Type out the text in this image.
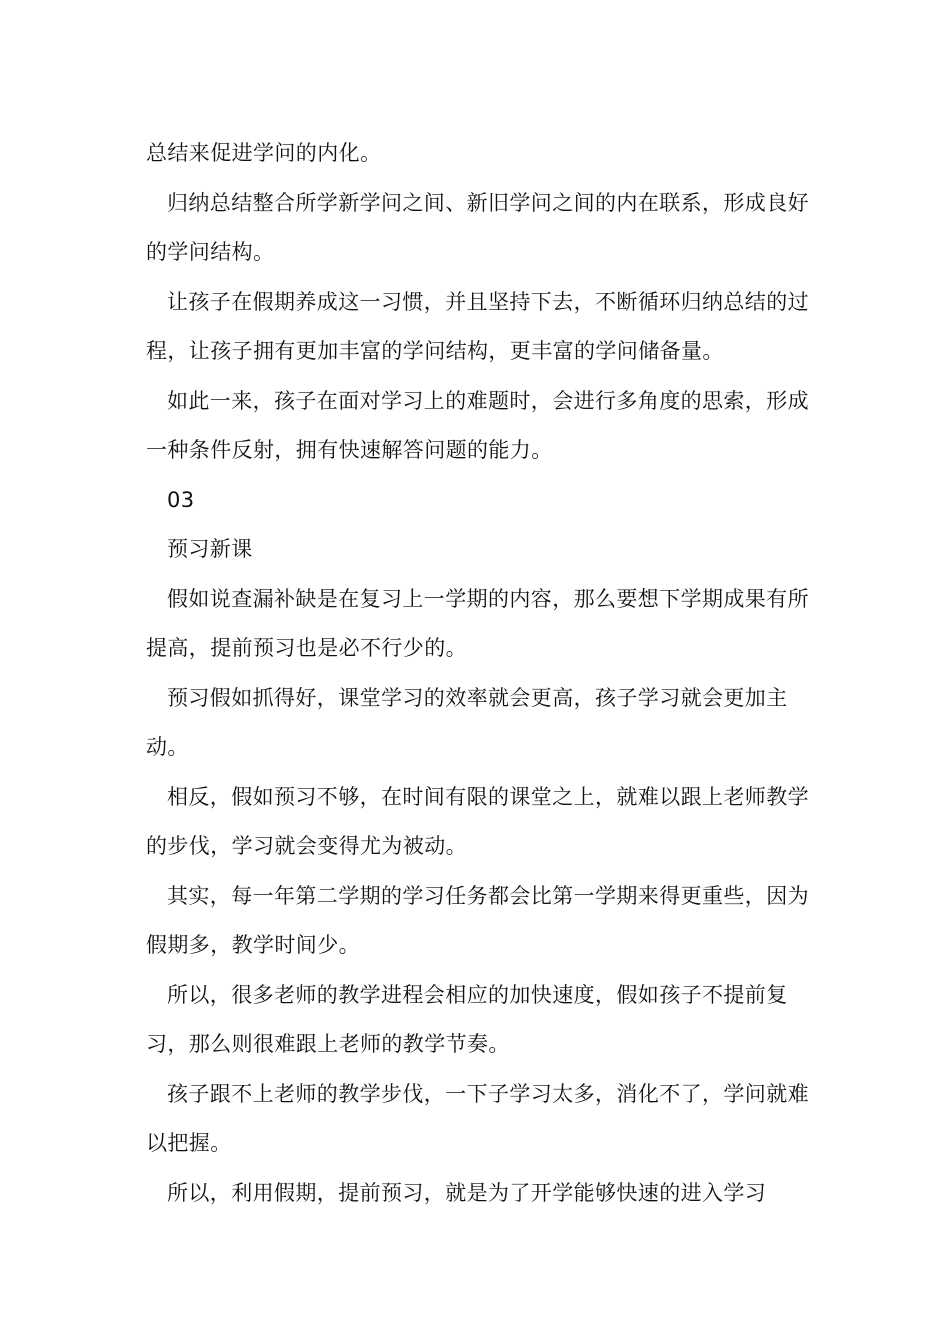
总结来促进学问的内化。

归纳总结整合所学新学问之间、新旧学问之间的内在联系，形成良好的学问结构。

让孩子在假期养成这一习惯，并且坚持下去，不断循环归纳总结的过程，让孩子拥有更加丰富的学问结构，更丰富的学问储备量。

如此一来，孩子在面对学习上的难题时，会进行多角度的思索，形成一种条件反射，拥有快速解答问题的能力。

03

预习新课

假如说查漏补缺是在复习上一学期的内容，那么要想下学期成果有所提高，提前预习也是必不行少的。

预习假如抓得好，课堂学习的效率就会更高，孩子学习就会更加主动。

相反，假如预习不够，在时间有限的课堂之上，就难以跟上老师教学的步伐，学习就会变得尤为被动。

其实，每一年第二学期的学习任务都会比第一学期来得更重些，因为假期多，教学时间少。

所以，很多老师的教学进程会相应的加快速度，假如孩子不提前复习，那么则很难跟上老师的教学节奏。

孩子跟不上老师的教学步伐，一下子学习太多，消化不了，学问就难以把握。

所以，利用假期，提前预习，就是为了开学能够快速的进入学习
